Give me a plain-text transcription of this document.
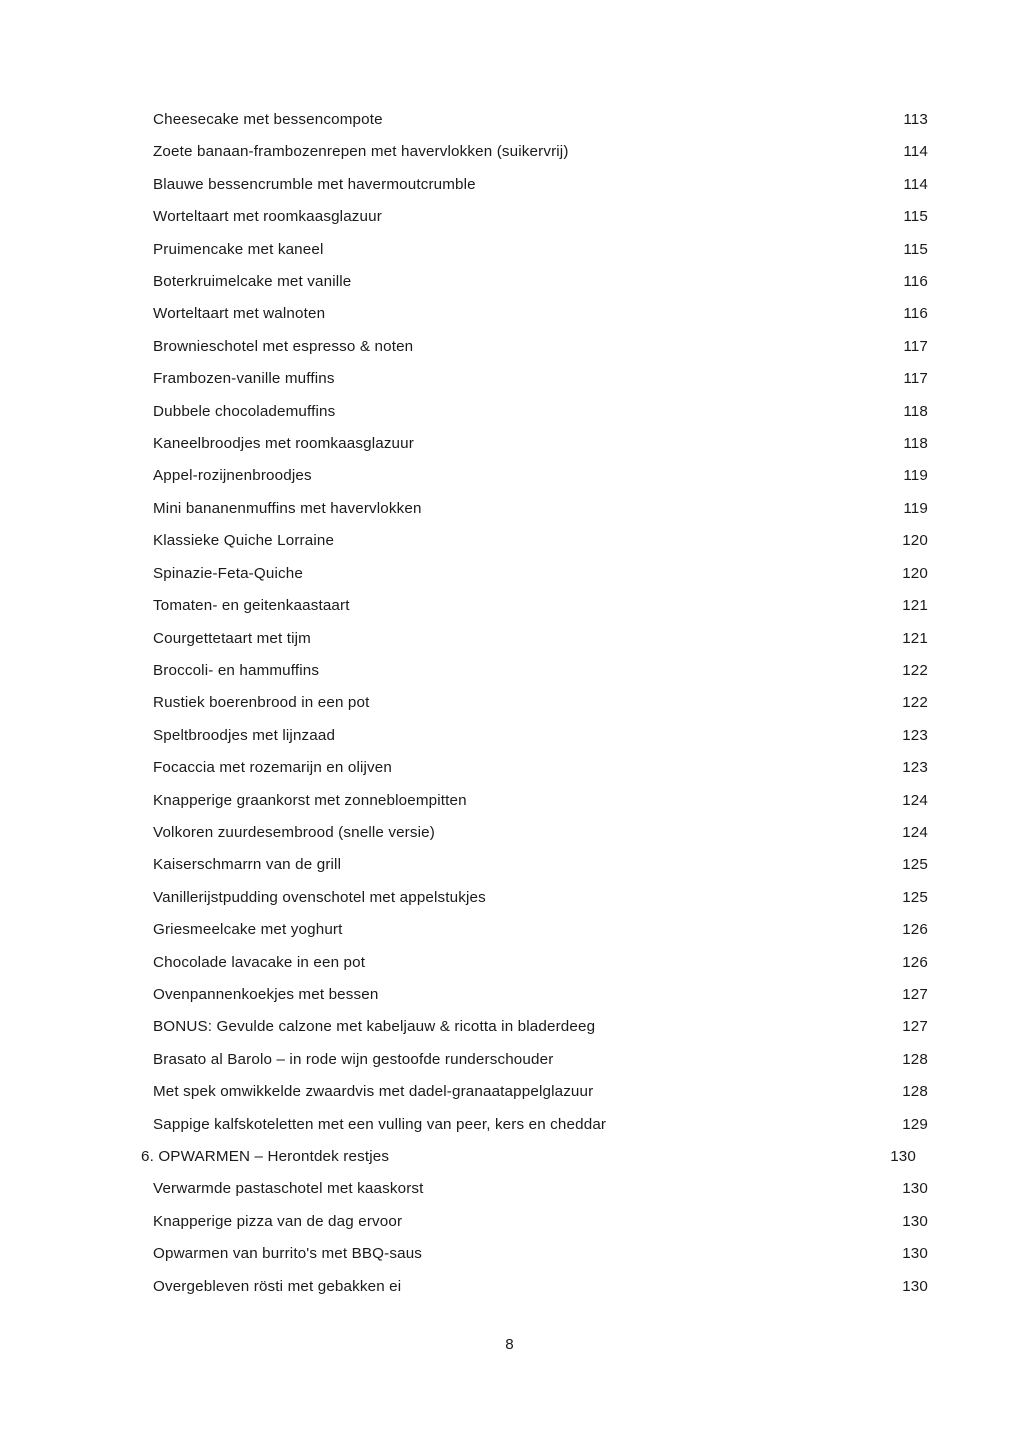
Cheesecake met bessencompote .....	113
Zoete banaan-frambozenrepen met havervlokken (suikervrij) .....	114
Blauwe bessencrumble met havermoutcrumble .....	114
Worteltaart met roomkaasglazuur .....	115
Pruimencake met kaneel .....	115
Boterkruimelcake met vanille .....	116
Worteltaart met walnoten .....	116
Brownieschotel met espresso & noten .....	117
Frambozen-vanille muffins .....	117
Dubbele chocolademuffins .....	118
Kaneelbroodjes met roomkaasglazuur .....	118
Appel-rozijnenbroodjes .....	119
Mini bananenmuffins met havervlokken .....	119
Klassieke Quiche Lorraine .....	120
Spinazie-Feta-Quiche .....	120
Tomaten- en geitenkaastaart .....	121
Courgettetaart met tijm .....	121
Broccoli- en hammuffins .....	122
Rustiek boerenbrood in een pot .....	122
Speltbroodjes met lijnzaad .....	123
Focaccia met rozemarijn en olijven .....	123
Knapperige graankorst met zonnebloempitten .....	124
Volkoren zuurdesembrood (snelle versie) .....	124
Kaiserschmarrn van de grill .....	125
Vanillerijstpudding ovenschotel met appelstukjes .....	125
Griesmeelcake met yoghurt .....	126
Chocolade lavacake in een pot .....	126
Ovenpannenkoekjes met bessen .....	127
BONUS: Gevulde calzone met kabeljauw & ricotta in bladerdeeg .....	127
Brasato al Barolo – in rode wijn gestoofde runderschouder .....	128
Met spek omwikkelde zwaardvis met dadel-granaatappelglazuur .....	128
Sappige kalfskoteletten met een vulling van peer, kers en cheddar .....	129
6. OPWARMEN – Herontdek restjes .....	130
Verwarmde pastaschotel met kaaskorst .....	130
Knapperige pizza van de dag ervoor .....	130
Opwarmen van burrito's met BBQ-saus .....	130
Overgebleven rösti met gebakken ei .....	130
8
